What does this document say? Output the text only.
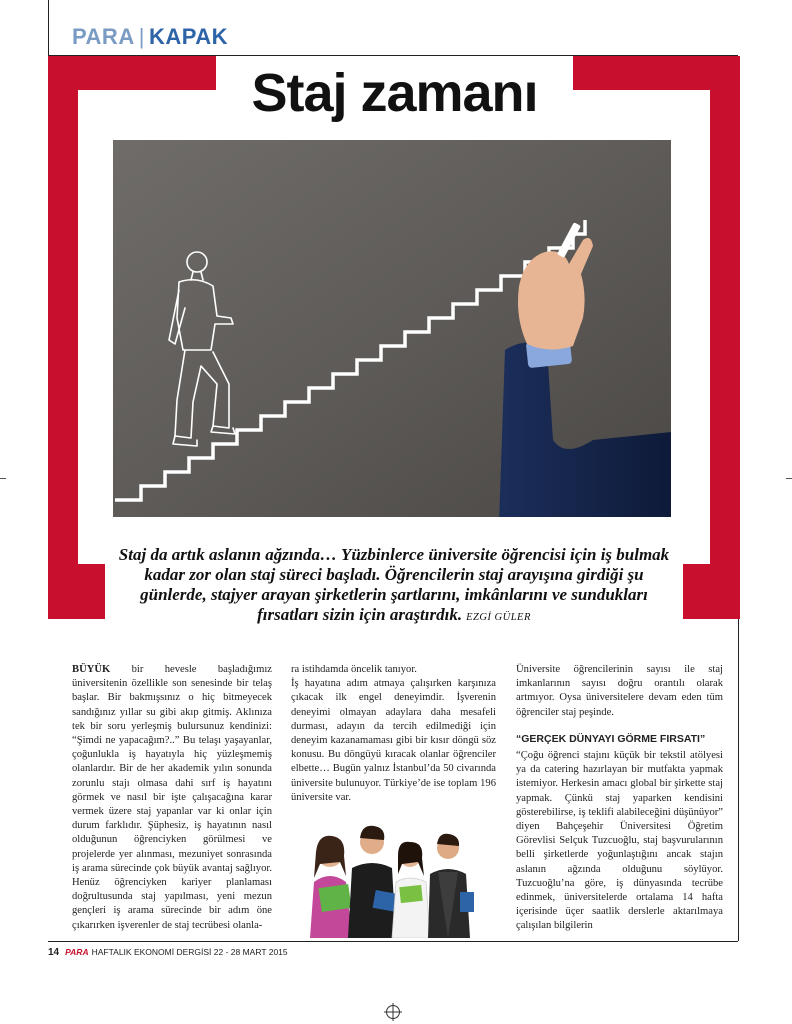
PARA | KAPAK
Staj zamanı
Staj da artık aslanın ağzında… Yüzbinlerce üniversite öğrencisi için iş bulmak kadar zor olan staj süreci başladı. Öğrencilerin staj arayışına girdiği şu günlerde, stajyer arayan şirketlerin şartlarını, imkânlarını ve sundukları fırsatları sizin için araştırdık. EZGİ GÜLER

BÜYÜK bir hevesle başladığımız üniversitenin özellikle son senesinde bir telaş başlar. Bir bakmışsınız o hiç bitmeyecek sandığınız yıllar su gibi akıp gitmiş. Aklınıza tek bir soru yerleşmiş bulursunuz kendinizi: “Şimdi ne yapacağım?..” Bu telaşı yaşayanlar, çoğunlukla iş hayatıyla hiç yüzleşmemiş olanlardır. Bir de her akademik yılın sonunda zorunlu stajı olmasa dahi sırf iş hayatını görmek ve nasıl bir işte çalışacağına karar vermek üzere staj yapanlar var ki onlar için durum farklıdır. Şüphesiz, iş hayatının nasıl olduğunun öğrenciyken görülmesi ve projelerde yer alınması, mezuniyet sonrasında iş arama sürecinde çok büyük avantaj sağlıyor. Henüz öğrenciyken kariyer planlaması doğrultusunda staj yapılması, yeni mezun gençleri iş arama sürecinde bir adım öne çıkarırken işverenler de staj tecrübesi olanla-

ra istihdamda öncelik tanıyor.

İş hayatına adım atmaya çalışırken karşınıza çıkacak ilk engel deneyimdir. İşverenin deneyimi olmayan adaylara daha mesafeli durması, adayın da tercih edilmediği için deneyim kazanamaması gibi bir kısır döngü söz konusu. Bu döngüyü kıracak olanlar öğrenciler elbette… Bugün yalnız İstanbul’da 50 civarında üniversite bulunuyor. Türkiye’de ise toplam 196 üniversite var.

Üniversite öğrencilerinin sayısı ile staj imkanlarının sayısı doğru orantılı olarak artmıyor. Oysa üniversitelere devam eden tüm öğrenciler staj peşinde.

“GERÇEK DÜNYAYI GÖRME FIRSATI”

“Çoğu öğrenci stajını küçük bir tekstil atölyesi ya da catering hazırlayan bir mutfakta yapmak istemiyor. Herkesin amacı global bir şirkette staj yapmak. Çünkü staj yaparken kendisini gösterebilirse, iş teklifi alabileceğini düşünüyor” diyen Bahçeşehir Üniversitesi Öğretim Görevlisi Selçuk Tuzcuoğlu, staj başvurularının belli şirketlerde yoğunlaştığını ancak stajın aslanın ağzında olduğunu söylüyor. Tuzcuoğlu’na göre, iş dünyasında tecrübe edinmek, üniversitelerde ortalama 14 hafta içerisinde üçer saatlik derslerle aktarılmaya çalışılan bilgilerin

14 PARA HAFTALIK EKONOMİ DERGİSİ 22 - 28 MART 2015
